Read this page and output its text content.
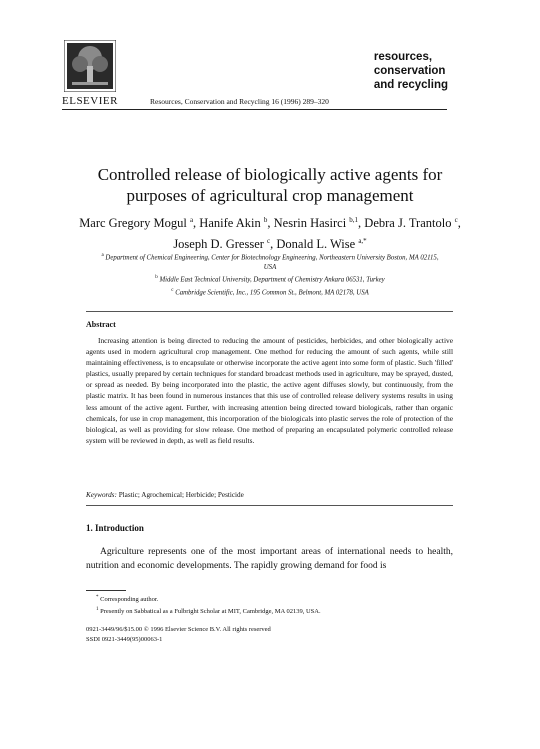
ELSEVIER	Resources, Conservation and Recycling 16 (1996) 289–320
resources,
conservation
and recycling
Controlled release of biologically active agents for purposes of agricultural crop management
Marc Gregory Mogul $^a$, Hanife Akin $^b$, Nesrin Hasirci $^{b,1}$, Debra J. Trantolo $^c$, Joseph D. Gresser $^c$, Donald L. Wise $^{a,*}$
$^a$ Department of Chemical Engineering, Center for Biotechnology Engineering, Northeastern University Boston, MA 02115, USA
$^b$ Middle East Technical University, Department of Chemistry Ankara 06531, Turkey
$^c$ Cambridge Scientific, Inc., 195 Common St., Belmont, MA 02178, USA
Abstract
Increasing attention is being directed to reducing the amount of pesticides, herbicides, and other biologically active agents used in modern agricultural crop management. One method for reducing the amount of such agents, while still maintaining effectiveness, is to encapsulate or otherwise incorporate the active agent into some form of plastic. Such 'filled' plastics, usually prepared by certain techniques for standard broadcast methods used in agriculture, may be sprayed, dusted, or spread as needed. By being incorporated into the plastic, the active agent diffuses slowly, but continuously, from the plastic matrix. It has been found in numerous instances that this use of controlled release delivery systems results in using less amount of the active agent. Further, with increasing attention being directed toward biologicals, rather than organic chemicals, for use in crop management, this incorporation of the biologicals into plastic serves the role of protection of the biological, as well as providing for slow release. One method of preparing an encapsulated polymeric controlled release system will be reviewed in depth, as well as field results.
Keywords: Plastic; Agrochemical; Herbicide; Pesticide
1. Introduction
Agriculture represents one of the most important areas of international needs to health, nutrition and economic developments. The rapidly growing demand for food is
* Corresponding author.
$^1$ Presently on Sabbatical as a Fulbright Scholar at MIT, Cambridge, MA 02139, USA.
0921-3449/96/$15.00 © 1996 Elsevier Science B.V. All rights reserved
SSDI 0921-3449(95)00063-1
